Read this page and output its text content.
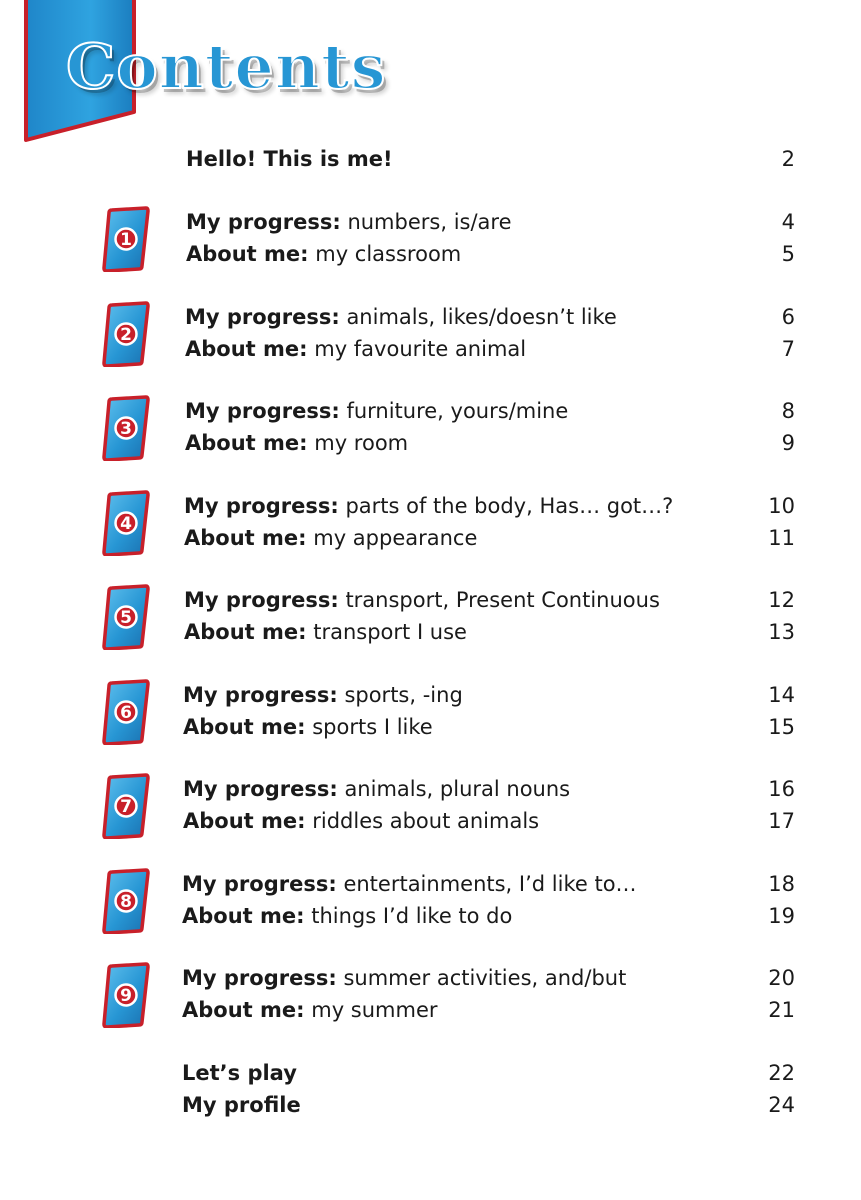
Contents
Hello! This is me!	2
1
My progress: numbers, is/are	4
About me: my classroom	5
2
My progress: animals, likes/doesn’t like	6
About me: my favourite animal	7
3
My progress: furniture, yours/mine	8
About me: my room	9
4
My progress: parts of the body, Has… got…?	10
About me: my appearance	11
5
My progress: transport, Present Continuous	12
About me: transport I use	13
6
My progress: sports, -ing	14
About me: sports I like	15
7
My progress: animals, plural nouns	16
About me: riddles about animals	17
8
My progress: entertainments, I’d like to…	18
About me: things I’d like to do	19
9
My progress: summer activities, and/but	20
About me: my summer	21
Let’s play	22
My profile	24
